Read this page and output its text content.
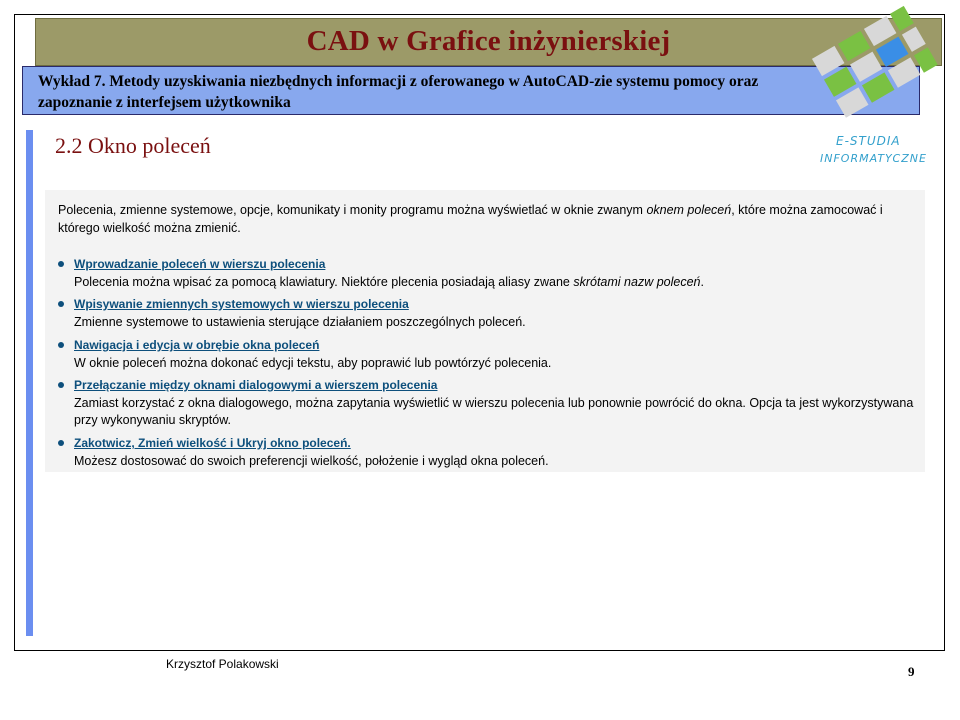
CAD w Grafice inżynierskiej
Wykład 7. Metody uzyskiwania niezbędnych informacji z oferowanego w AutoCAD-zie systemu pomocy oraz zapoznanie z interfejsem użytkownika
E-STUDIA
INFORMATYCZNE
2.2 Okno poleceń
Polecenia, zmienne systemowe, opcje, komunikaty i monity programu można wyświetlać w oknie zwanym oknem poleceń, które można zamocować i którego wielkość można zmienić.
Wprowadzanie poleceń w wierszu polecenia
Polecenia można wpisać za pomocą klawiatury. Niektóre plecenia posiadają aliasy zwane skrótami nazw poleceń.
Wpisywanie zmiennych systemowych w wierszu polecenia
Zmienne systemowe to ustawienia sterujące działaniem poszczególnych poleceń.
Nawigacja i edycja w obrębie okna poleceń
W oknie poleceń można dokonać edycji tekstu, aby poprawić lub powtórzyć polecenia.
Przełączanie między oknami dialogowymi a wierszem polecenia
Zamiast korzystać z okna dialogowego, można zapytania wyświetlić w wierszu polecenia lub ponownie powrócić do okna. Opcja ta jest wykorzystywana przy wykonywaniu skryptów.
Zakotwicz, Zmień wielkość i Ukryj okno poleceń.
Możesz dostosować do swoich preferencji wielkość, położenie i wygląd okna poleceń.
Krzysztof Polakowski	9
